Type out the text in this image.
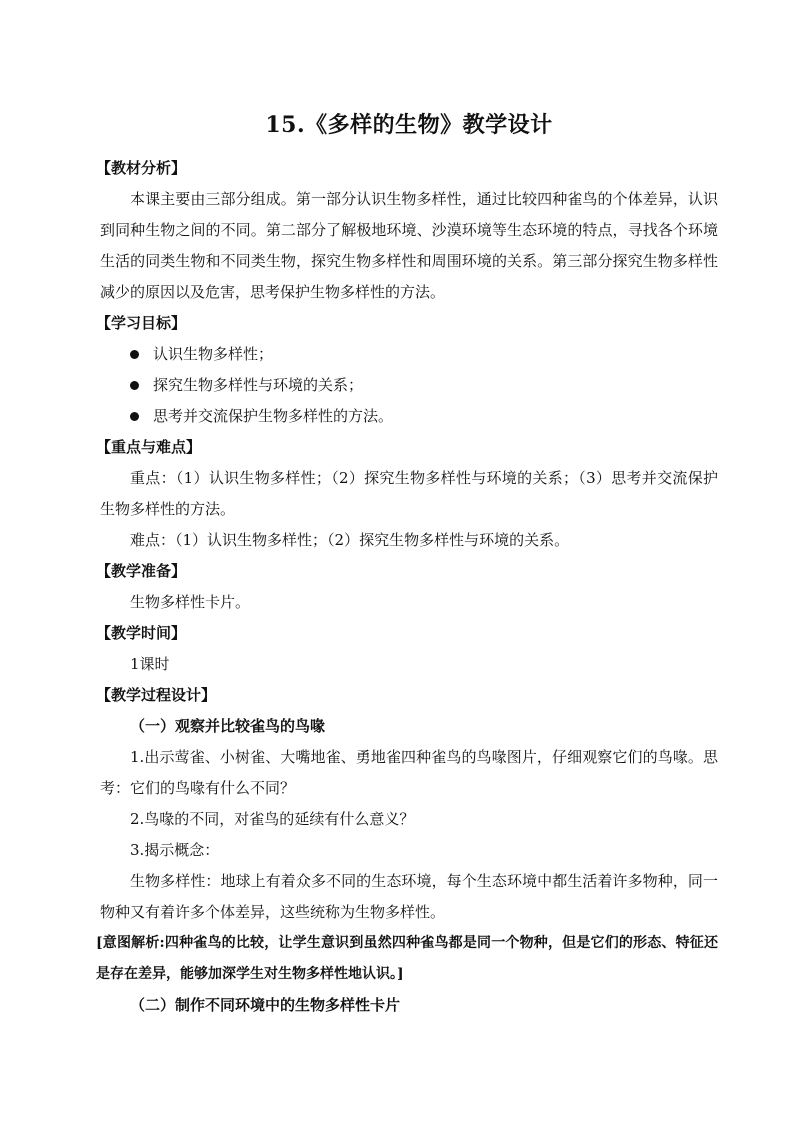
15.《多样的生物》教学设计
【教材分析】

本课主要由三部分组成。第一部分认识生物多样性，通过比较四种雀鸟的个体差异，认识到同种生物之间的不同。第二部分了解极地环境、沙漠环境等生态环境的特点，寻找各个环境生活的同类生物和不同类生物，探究生物多样性和周围环境的关系。第三部分探究生物多样性减少的原因以及危害，思考保护生物多样性的方法。

【学习目标】
认识生物多样性；
探究生物多样性与环境的关系；
思考并交流保护生物多样性的方法。
【重点与难点】

重点：（1）认识生物多样性；（2）探究生物多样性与环境的关系；（3）思考并交流保护生物多样性的方法。

难点：（1）认识生物多样性；（2）探究生物多样性与环境的关系。

【教学准备】

生物多样性卡片。

【教学时间】

1课时

【教学过程设计】

（一）观察并比较雀鸟的鸟喙

1.出示莺雀、小树雀、大嘴地雀、勇地雀四种雀鸟的鸟喙图片，仔细观察它们的鸟喙。思考：它们的鸟喙有什么不同？

2.鸟喙的不同，对雀鸟的延续有什么意义？

3.揭示概念：

生物多样性：地球上有着众多不同的生态环境，每个生态环境中都生活着许多物种，同一物种又有着许多个体差异，这些统称为生物多样性。

[意图解析:四种雀鸟的比较，让学生意识到虽然四种雀鸟都是同一个物种，但是它们的形态、特征还是存在差异，能够加深学生对生物多样性地认识。]

（二）制作不同环境中的生物多样性卡片
